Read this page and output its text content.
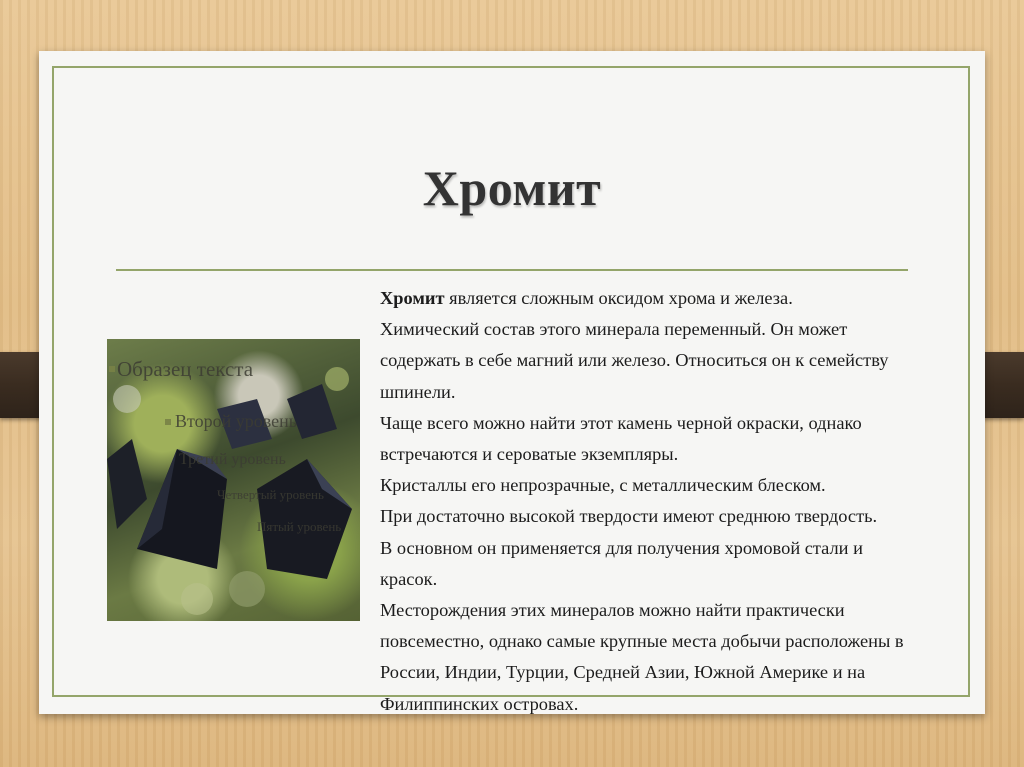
Хромит
Образец текста
Второй уровень
Третий уровень
Четвертый уровень
Пятый уровень

Хромит является сложным оксидом хрома и железа.

Химический состав этого минерала переменный. Он может

содержать в себе магний или железо. Относиться он к семейству

шпинели.

Чаще всего можно найти этот камень черной окраски, однако

встречаются и сероватые экземпляры.

Кристаллы его непрозрачные, с металлическим блеском.

При достаточно высокой твердости имеют среднюю твердость.

В основном он применяется для получения хромовой стали и

красок.

Месторождения этих минералов можно найти практически

повсеместно, однако самые крупные места добычи расположены в

России, Индии, Турции, Средней Азии, Южной Америке и на

Филиппинских островах.
